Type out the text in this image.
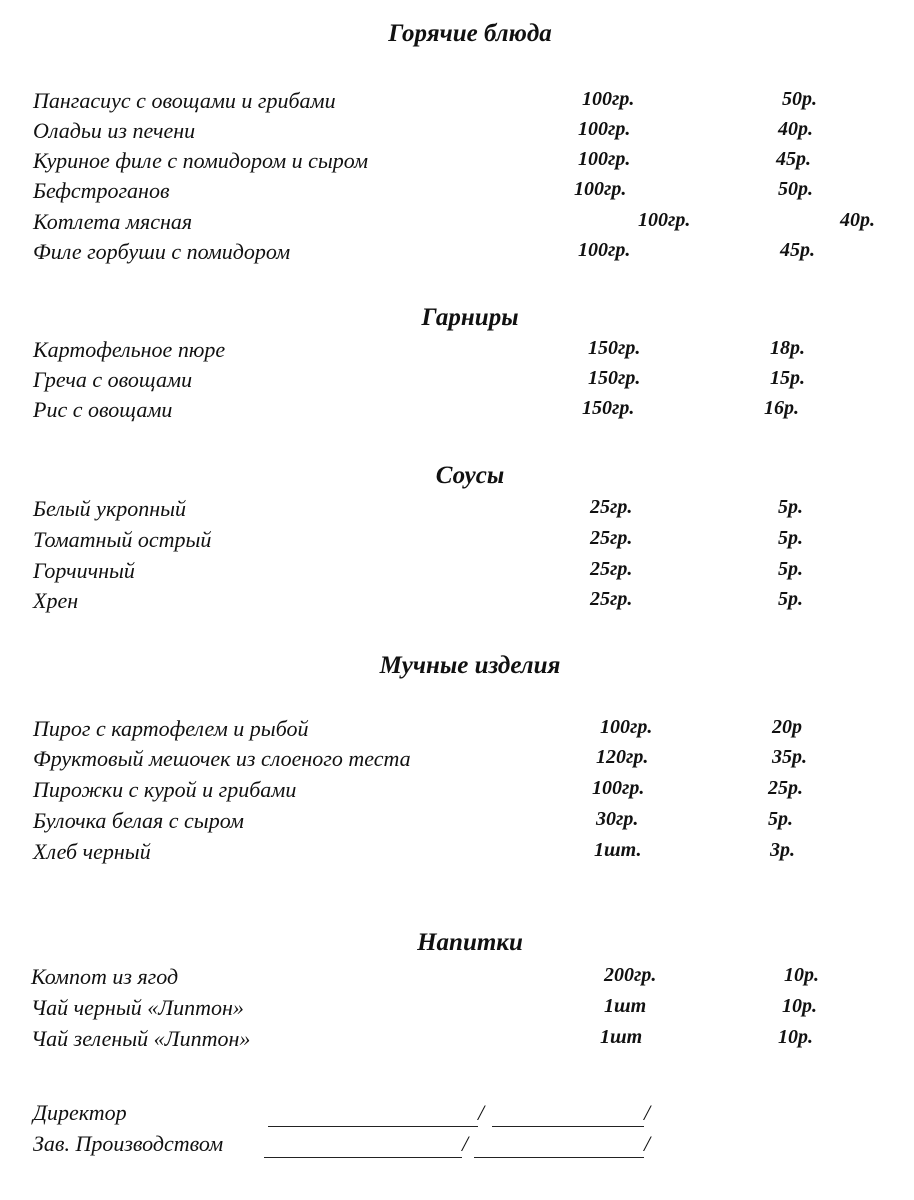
Горячие блюда
Пангасиус с овощами и грибами	100гр.	50р.
Оладьи из печени	100гр.	40р.
Куриное филе с помидором и сыром	100гр.	45р.
Бефстроганов	100гр.	50р.
Котлета мясная	100гр.	40р.
Филе горбуши с помидором	100гр.	45р.
Гарниры
Картофельное пюре	150гр.	18р.
Греча с овощами	150гр.	15р.
Рис с овощами	150гр.	16р.
Соусы
Белый укропный	25гр.	5р.
Томатный острый	25гр.	5р.
Горчичный	25гр.	5р.
Хрен	25гр.	5р.
Мучные изделия
Пирог с картофелем и рыбой	100гр.	20р
Фруктовый мешочек из слоеного теста	120гр.	35р.
Пирожки с курой и грибами	100гр.	25р.
Булочка белая с сыром	30гр.	5р.
Хлеб черный	1шт.	3р.
Напитки
Компот из ягод	200гр.	10р.
Чай черный «Липтон»	1шт	10р.
Чай зеленый «Липтон»	1шт	10р.
Директор	/	/
Зав. Производством	/	/
